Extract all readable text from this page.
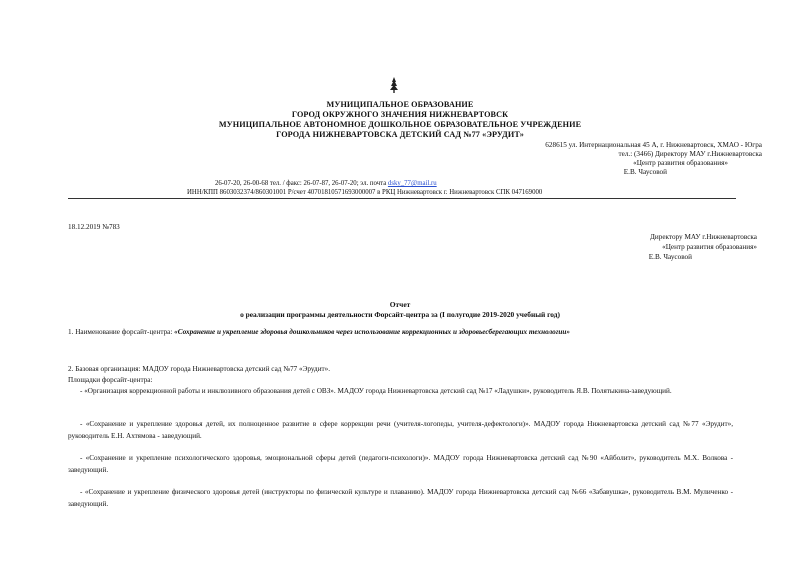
МУНИЦИПАЛЬНОЕ ОБРАЗОВАНИЕ
ГОРОД ОКРУЖНОГО ЗНАЧЕНИЯ НИЖНЕВАРТОВСК
МУНИЦИПАЛЬНОЕ АВТОНОМНОЕ ДОШКОЛЬНОЕ ОБРАЗОВАТЕЛЬНОЕ УЧРЕЖДЕНИЕ
ГОРОДА НИЖНЕВАРТОВСКА ДЕТСКИЙ САД №77 «ЭРУДИТ»
628615 ул. Интернациональная 45 А, г. Нижневартовск, ХМАО - Югра
тел.: (3466) Директору МАУ г.Нижневартовска
«Центр развития образования»
Е.В. Чаусовой
26-07-20, 26-00-68 тел. / факс: 26-07-87, 26-07-20; эл. почта dsky_77@mail.ru
ИНН/КПП 8603032374/860301001 Р/счет 40701810571693000007 в РКЦ Нижневартовск г. Нижневартовск СПК 047169000
18.12.2019 №783
Директору МАУ г.Нижневартовска
«Центр развития образования»
Е.В. Чаусовой
Отчет
о реализации программы деятельности Форсайт-центра за (I полугодие 2019-2020 учебный год)
1. Наименование форсайт-центра: «Сохранение и укрепление здоровья дошкольников через использование коррекционных и здоровьесберегающих технологии»
2. Базовая организация: МАДОУ города Нижневартовска детский сад №77 «Эрудит».
Площадки форсайт-центра:
- «Организация коррекционной работы и инклюзивного образования детей с ОВЗ». МАДОУ города Нижневартовска детский сад №17 «Ладушки», руководитель Я.В. Полятыкина-заведующий.
- «Сохранение и укрепление здоровья детей, их полноценное развитие в сфере коррекции речи (учителя-логопеды, учителя-дефектологи)». МАДОУ города Нижневартовска детский сад №77 «Эрудит», руководитель Е.Н. Ахтямова - заведующий.
- «Сохранение и укрепление психологического здоровья, эмоциональной сферы детей (педагоги-психологи)». МАДОУ города Нижневартовска детский сад №90 «Айболит», руководитель М.Х. Волкова - заведующий.
- «Сохранение и укрепление физического здоровья детей (инструкторы по физической культуре и плаванию). МАДОУ города Нижневартовска детский сад №66 «Забавушка», руководитель В.М. Муличенко - заведующий.
